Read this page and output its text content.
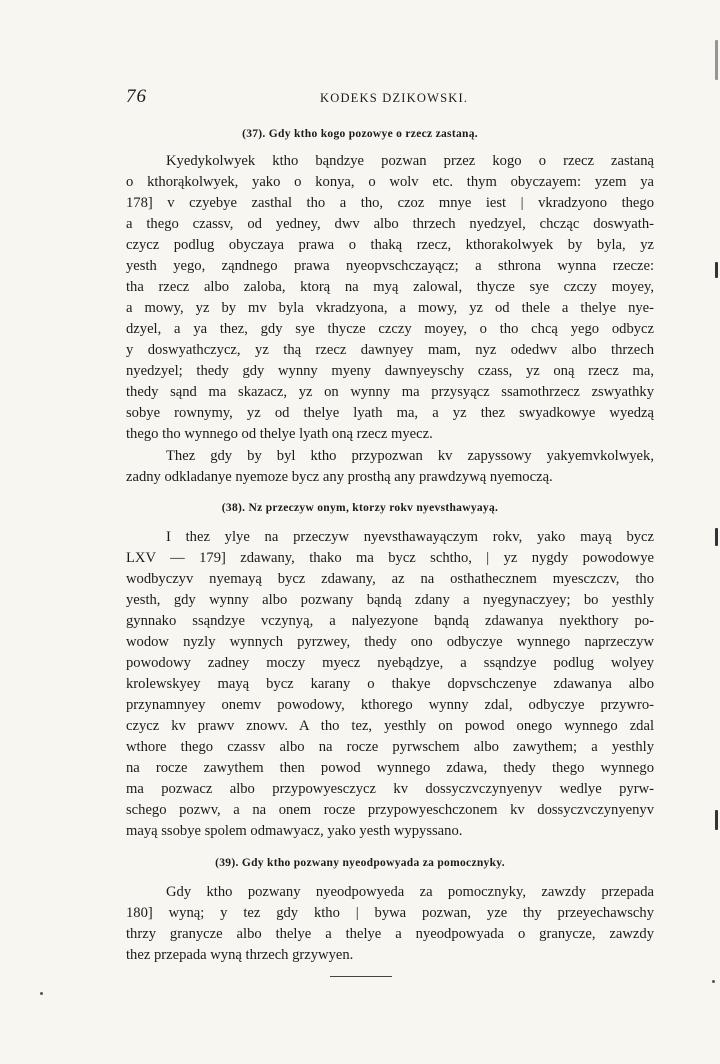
76	KODEKS DZIKOWSKI.
(37). Gdy ktho kogo pozowye o rzecz zastaną.
Kyedykolwyek ktho bąndzye pozwan przez kogo o rzecz zastaną
o kthorąkolwyek, yako o konya, o wolv etc. thym obyczayem: yzem ya
178] v czyebye zasthal tho a tho, czoz mnye iest | vkradzyono thego
a thego czassv, od yedney, dwv albo thrzech nyedzyel, chcząc doswyath-
czycz podlug obyczaya prawa o thaką rzecz, kthorakolwyek by byla, yz
yesth yego, ząndnego prawa nyeopvschczayącz; a sthrona wynna rzecze:
tha rzecz albo zaloba, ktorą na myą zalowal, thycze sye czczy moyey,
a mowy, yz by mv byla vkradzyona, a mowy, yz od thele a thelye nye-
dzyel, a ya thez, gdy sye thycze czczy moyey, o tho chcą yego odbycz
y doswyathczycz, yz thą rzecz dawnyey mam, nyz odedwv albo thrzech
nyedzyel; thedy gdy wynny myeny dawnyeyschy czass, yz oną rzecz ma,
thedy sąnd ma skazacz, yz on wynny ma przysyącz ssamothrzecz zswyathky
sobye rownymy, yz od thelye lyath ma, a yz thez swyadkowye wyedzą
thego tho wynnego od thelye lyath oną rzecz myecz.
Thez gdy by byl ktho przypozwan kv zapyssowy yakyemvkolwyek,
zadny odkladanye nyemoze bycz any prosthą any prawdzywą nyemoczą.
(38). Nz przeczyw onym, ktorzy rokv nyevsthawyayą.
I thez ylye na przeczyw nyevsthawayączym rokv, yako mayą bycz
LXV — 179] zdawany, thako ma bycz schtho, | yz nygdy powodowye
wodbyczyv nyemayą bycz zdawany, az na osthathecznem myesczczv, tho
yesth, gdy wynny albo pozwany bąndą zdany a nyegynaczyey; bo yesthly
gynnako ssąndzye vczynyą, a nalyezyone bąndą zdawanya nyekthory po-
wodow nyzly wynnych pyrzwey, thedy ono odbyczye wynnego naprzeczyw
powodowy zadney moczy myecz nyebądzye, a ssąndzye podlug wolyey
krolewskyey mayą bycz karany o thakye dopvschczenye zdawanya albo
przynamnyey onemv powodowy, kthorego wynny zdal, odbyczye przywro-
czycz kv prawv znowv. A tho tez, yesthly on powod onego wynnego zdal
wthore thego czassv albo na rocze pyrwschem albo zawythem; a yesthly
na rocze zawythem then powod wynnego zdawa, thedy thego wynnego
ma pozwacz albo przypowyesczycz kv dossyczvczynyenyv wedlye pyrw-
schego pozwv, a na onem rocze przypowyeschczonem kv dossyczvczynyenyv
mayą ssobye spolem odmawyacz, yako yesth wypyssano.
(39). Gdy ktho pozwany nyeodpowyada za pomocznyky.
Gdy ktho pozwany nyeodpowyeda za pomocznyky, zawzdy przepada
180] wyną; y tez gdy ktho | bywa pozwan, yze thy przeyechawschy
thrzy granycze albo thelye a thelye a nyeodpowyada o granycze, zawzdy
thez przepada wyną thrzech grzywyen.
